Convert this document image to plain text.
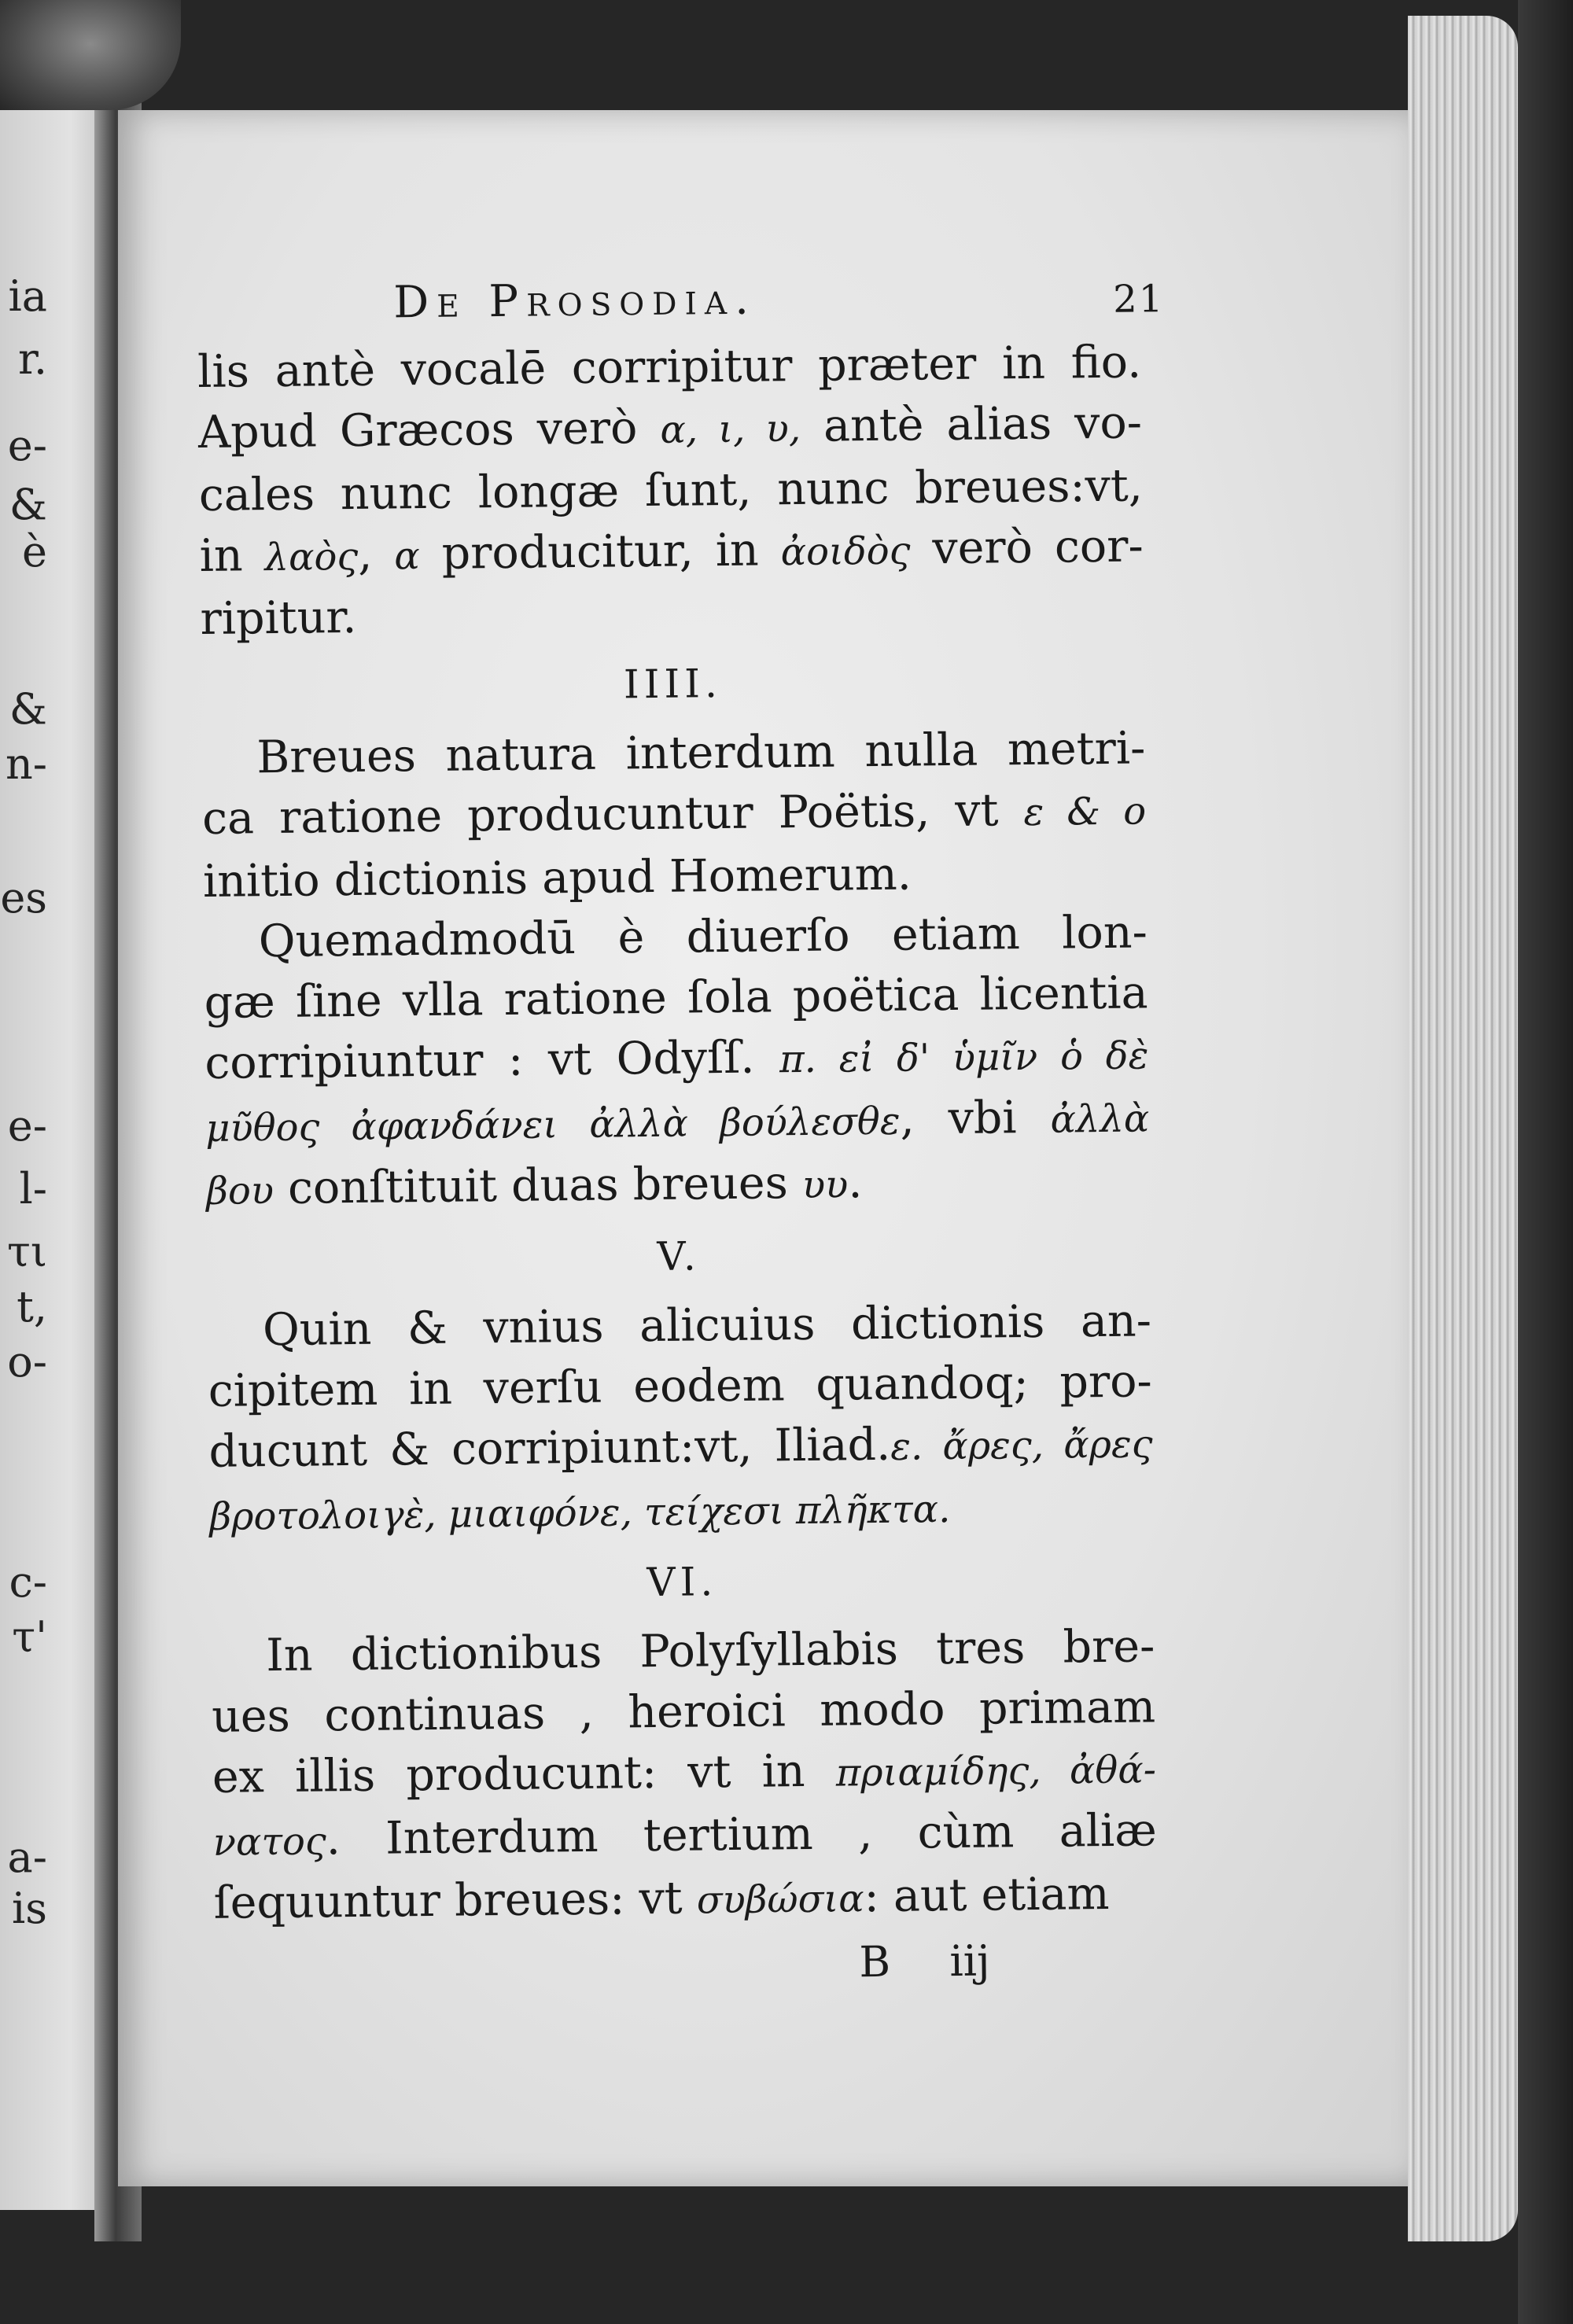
ia
r.
e-
&
è
&
n-
es
e-
l-
τι
t,
o-
c-
τ'
a-
is
De Prosodia.	21
lis antè vocalē corripitur præter in fio.
Apud Græcos verò α, ι, υ, antè alias vo-
cales nunc longæ ſunt, nunc breues:vt,
in λαὸς, α producitur, in ἀοιδὸς verò cor-
ripitur.
IIII.
Breues natura interdum nulla metri-
ca ratione producuntur Poëtis, vt ε & ο
initio dictionis apud Homerum.
Quemadmodū è diuerſo etiam lon-
gæ ſine vlla ratione ſola poëtica licentia
corripiuntur : vt Odyſſ. π. εἰ δ' ὑμῖν ὁ δὲ
μῦθος ἀφανδάνει ἀλλὰ βούλεσθε, vbi ἀλλὰ
βου conſtituit duas breues υυ.
V.
Quin & vnius alicuius dictionis an-
cipitem in verſu eodem quandoq; pro-
ducunt & corripiunt:vt, Iliad.ε. ἄρες, ἄρες
βροτολοιγὲ, μιαιφόνε, τείχεσι πλῆκτα.
VI.
In dictionibus Polyſyllabis tres bre-
ues continuas , heroici modo primam
ex illis producunt: vt in πριαμίδης, ἀθά-
νατος. Interdum tertium , cùm aliæ
ſequuntur breues: vt συβώσια: aut etiam
B iij
